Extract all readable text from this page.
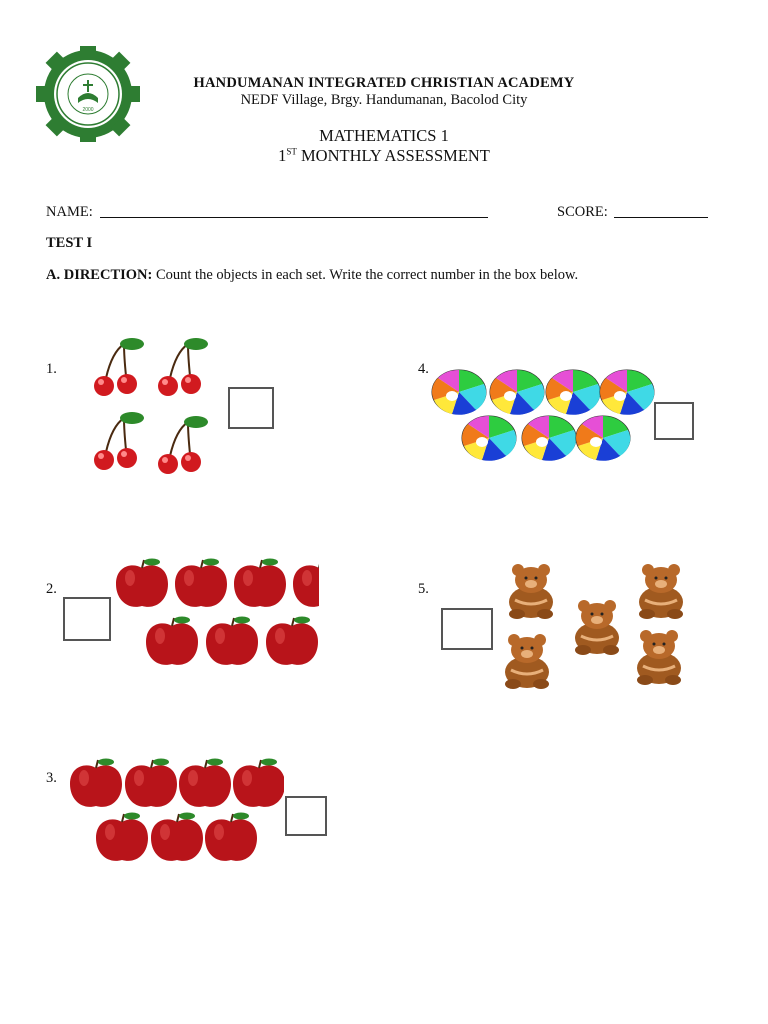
2000
HANDUMANAN INTEGRATED CHRISTIAN ACADEMY
NEDF Village, Brgy. Handumanan, Bacolod City
MATHEMATICS 1
1ST MONTHLY ASSESSMENT
NAME:	SCORE:
TEST I
A. DIRECTION: Count the objects in each set. Write the correct number in the box below.
1.
2.
3.
4.
5.
